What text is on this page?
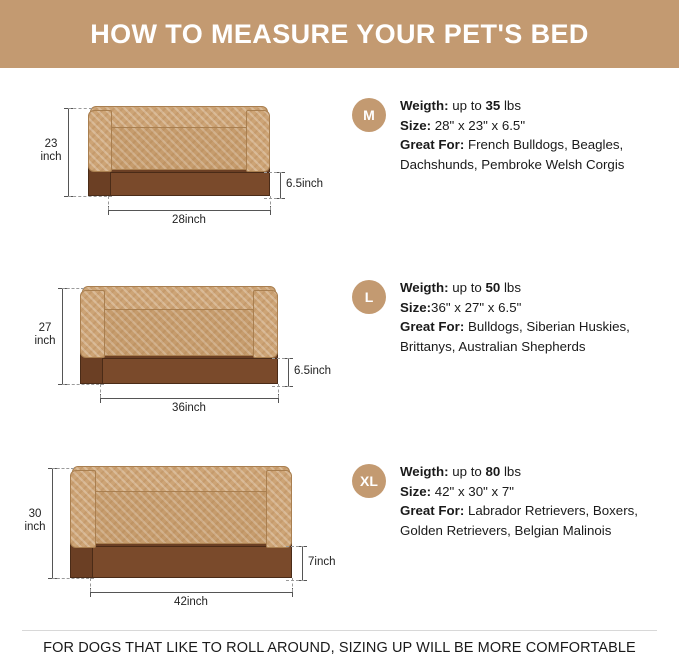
HOW TO MEASURE YOUR PET'S BED
23
inch
6.5inch
28inch
M
Weigth: up to 35 lbs
Size: 28" x 23" x 6.5"
Great For: French Bulldogs, Beagles, Dachshunds, Pembroke Welsh Corgis
27
inch
6.5inch
36inch
L
Weigth: up to 50 lbs
Size:36" x 27" x 6.5"
Great For: Bulldogs, Siberian Huskies, Brittanys, Australian Shepherds
30
inch
7inch
42inch
XL
Weigth: up to 80 lbs
Size: 42" x 30" x 7"
Great For: Labrador Retrievers, Boxers, Golden Retrievers, Belgian Malinois
FOR DOGS THAT LIKE TO ROLL AROUND, SIZING UP WILL BE MORE COMFORTABLE
